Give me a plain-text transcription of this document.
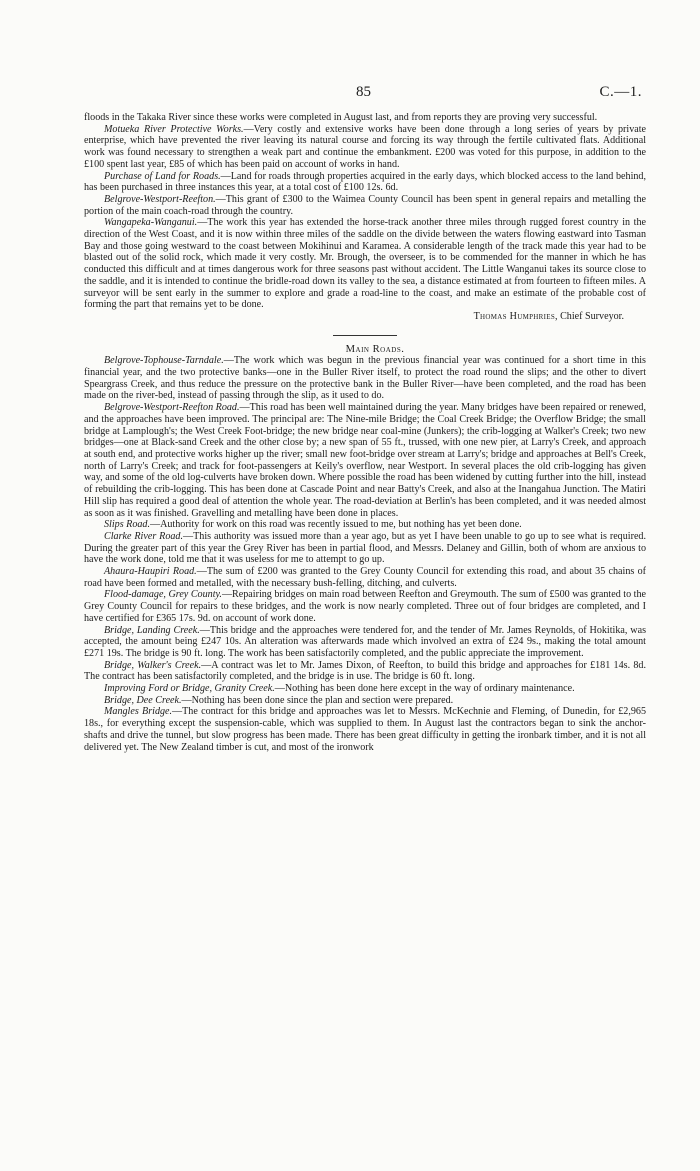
85	C.—1.

floods in the Takaka River since these works were completed in August last, and from reports they are proving very successful.

Motueka River Protective Works.—Very costly and extensive works have been done through a long series of years by private enterprise, which have prevented the river leaving its natural course and forcing its way through the fertile cultivated flats. Additional work was found necessary to strengthen a weak part and continue the embankment. £200 was voted for this purpose, in addition to the £100 spent last year, £85 of which has been paid on account of works in hand.

Purchase of Land for Roads.—Land for roads through properties acquired in the early days, which blocked access to the land behind, has been purchased in three instances this year, at a total cost of £100 12s. 6d.

Belgrove-Westport-Reefton.—This grant of £300 to the Waimea County Council has been spent in general repairs and metalling the portion of the main coach-road through the country.

Wangapeka-Wanganui.—The work this year has extended the horse-track another three miles through rugged forest country in the direction of the West Coast, and it is now within three miles of the saddle on the divide between the waters flowing eastward into Tasman Bay and those going westward to the coast between Mokihinui and Karamea. A considerable length of the track made this year had to be blasted out of the solid rock, which made it very costly. Mr. Brough, the overseer, is to be commended for the manner in which he has conducted this difficult and at times dangerous work for three seasons past without accident. The Little Wanganui takes its source close to the saddle, and it is intended to continue the bridle-road down its valley to the sea, a distance estimated at from fourteen to fifteen miles. A surveyor will be sent early in the summer to explore and grade a road-line to the coast, and make an estimate of the probable cost of forming the part that remains yet to be done.

Thomas Humphries, Chief Surveyor.

Main Roads.

Belgrove-Tophouse-Tarndale.—The work which was begun in the previous financial year was continued for a short time in this financial year, and the two protective banks—one in the Buller River itself, to protect the road round the slips; and the other to divert Speargrass Creek, and thus reduce the pressure on the protective bank in the Buller River—have been completed, and the road has been made on the river-bed, instead of passing through the slip, as it used to do.

Belgrove-Westport-Reefton Road.—This road has been well maintained during the year. Many bridges have been repaired or renewed, and the approaches have been improved. The principal are: The Nine-mile Bridge; the Coal Creek Bridge; the Overflow Bridge; the small bridge at Lamplough's; the West Creek Foot-bridge; the new bridge near coal-mine (Junkers); the crib-logging at Walker's Creek; two new bridges—one at Black-sand Creek and the other close by; a new span of 55 ft., trussed, with one new pier, at Larry's Creek, and approach at south end, and protective works higher up the river; small new foot-bridge over stream at Larry's; bridge and approaches at Bell's Creek, north of Larry's Creek; and track for foot-passengers at Keily's overflow, near Westport. In several places the old crib-logging has given way, and some of the old log-culverts have broken down. Where possible the road has been widened by cutting further into the hill, instead of rebuilding the crib-logging. This has been done at Cascade Point and near Batty's Creek, and also at the Inangahua Junction. The Matiri Hill slip has required a good deal of attention the whole year. The road-deviation at Berlin's has been completed, and it was needed almost as soon as it was finished. Gravelling and metalling have been done in places.

Slips Road.—Authority for work on this road was recently issued to me, but nothing has yet been done.

Clarke River Road.—This authority was issued more than a year ago, but as yet I have been unable to go up to see what is required. During the greater part of this year the Grey River has been in partial flood, and Messrs. Delaney and Gillin, both of whom are anxious to have the work done, told me that it was useless for me to attempt to go up.

Ahaura-Haupiri Road.—The sum of £200 was granted to the Grey County Council for extending this road, and about 35 chains of road have been formed and metalled, with the necessary bush-felling, ditching, and culverts.

Flood-damage, Grey County.—Repairing bridges on main road between Reefton and Greymouth. The sum of £500 was granted to the Grey County Council for repairs to these bridges, and the work is now nearly completed. Three out of four bridges are completed, and I have certified for £365 17s. 9d. on account of work done.

Bridge, Landing Creek.—This bridge and the approaches were tendered for, and the tender of Mr. James Reynolds, of Hokitika, was accepted, the amount being £247 10s. An alteration was afterwards made which involved an extra of £24 9s., making the total amount £271 19s. The bridge is 90 ft. long. The work has been satisfactorily completed, and the public appreciate the improvement.

Bridge, Walker's Creek.—A contract was let to Mr. James Dixon, of Reefton, to build this bridge and approaches for £181 14s. 8d. The contract has been satisfactorily completed, and the bridge is in use. The bridge is 60 ft. long.

Improving Ford or Bridge, Granity Creek.—Nothing has been done here except in the way of ordinary maintenance.

Bridge, Dee Creek.—Nothing has been done since the plan and section were prepared.

Mangles Bridge.—The contract for this bridge and approaches was let to Messrs. McKechnie and Fleming, of Dunedin, for £2,965 18s., for everything except the suspension-cable, which was supplied to them. In August last the contractors began to sink the anchor-shafts and drive the tunnel, but slow progress has been made. There has been great difficulty in getting the ironbark timber, and it is not all delivered yet. The New Zealand timber is cut, and most of the ironwork
